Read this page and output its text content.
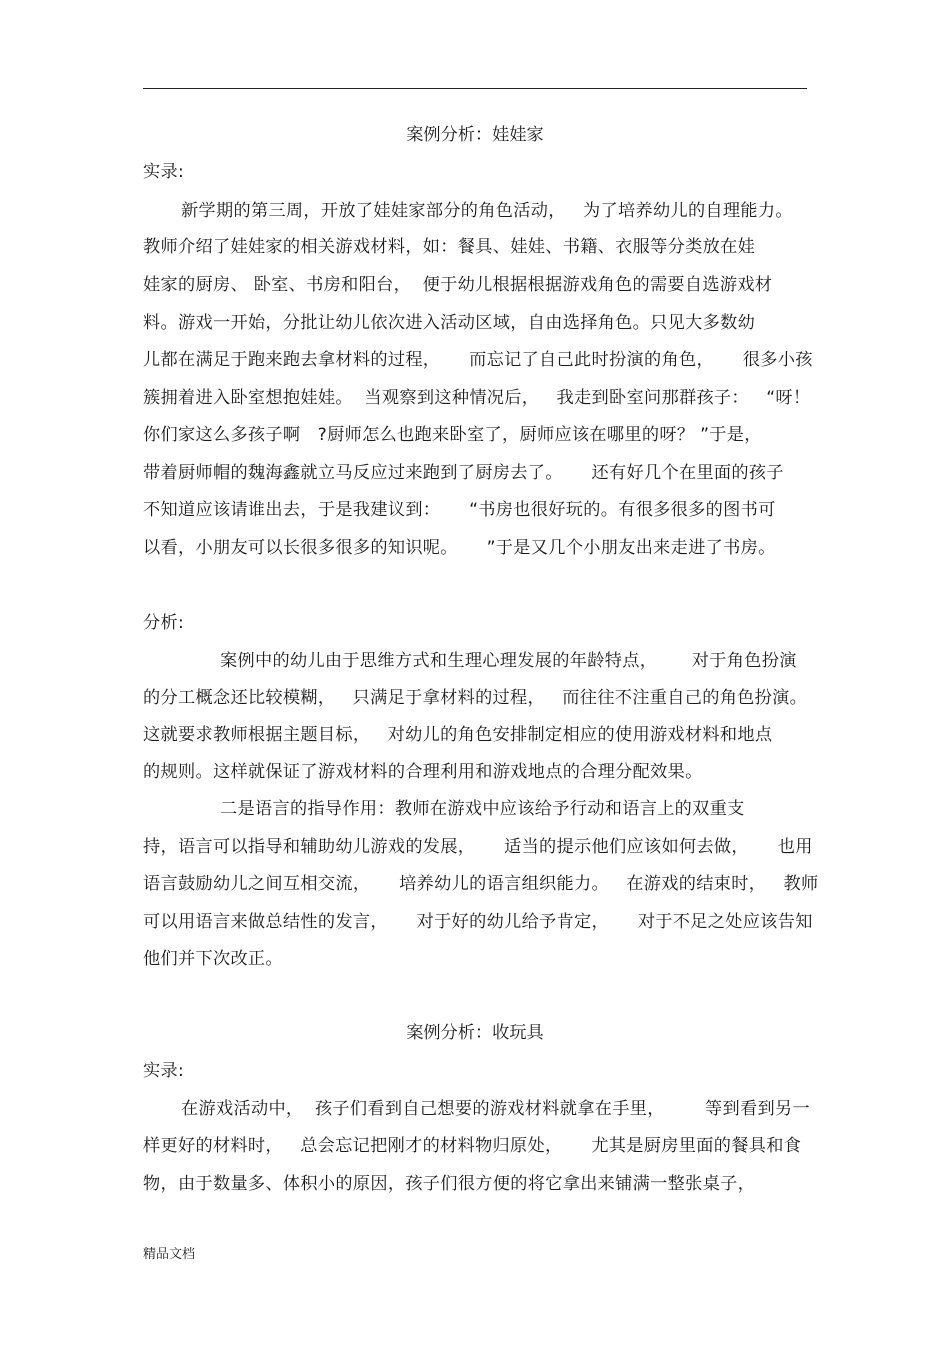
案例分析：娃娃家
实录:
新学期的第三周，开放了娃娃家部分的角色活动，   为了培养幼儿的自理能力。
教师介绍了娃娃家的相关游戏材料，如：餐具、娃娃、书籍、衣服等分类放在娃
娃家的厨房、 卧室、书房和阳台，  便于幼儿根据根据游戏角色的需要自选游戏材
料。游戏一开始，分批让幼儿依次进入活动区域，自由选择角色。只见大多数幼
儿都在满足于跑来跑去拿材料的过程，     而忘记了自己此时扮演的角色，     很多小孩
簇拥着进入卧室想抱娃娃。  当观察到这种情况后，   我走到卧室问那群孩子：   “呀！
你们家这么多孩子啊   ?厨师怎么也跑来卧室了，厨师应该在哪里的呀？ ”于是，
带着厨师帽的魏海鑫就立马反应过来跑到了厨房去了。     还有好几个在里面的孩子
不知道应该请谁出去，于是我建议到：     “书房也很好玩的。有很多很多的图书可
以看，小朋友可以长很多很多的知识呢。     ”于是又几个小朋友出来走进了书房。
分析:
案例中的幼儿由于思维方式和生理心理发展的年龄特点，      对于角色扮演
的分工概念还比较模糊，   只满足于拿材料的过程，   而往往不注重自己的角色扮演。
这就要求教师根据主题目标，   对幼儿的角色安排制定相应的使用游戏材料和地点
的规则。这样就保证了游戏材料的合理利用和游戏地点的合理分配效果。
二是语言的指导作用：教师在游戏中应该给予行动和语言上的双重支
持，语言可以指导和辅助幼儿游戏的发展，     适当的提示他们应该如何去做，     也用
语言鼓励幼儿之间互相交流，     培养幼儿的语言组织能力。   在游戏的结束时，   教师
可以用语言来做总结性的发言，     对于好的幼儿给予肯定，     对于不足之处应该告知
他们并下次改正。
案例分析：收玩具
实录:
在游戏活动中，  孩子们看到自己想要的游戏材料就拿在手里，       等到看到另一
样更好的材料时，   总会忘记把刚才的材料物归原处，     尤其是厨房里面的餐具和食
物，由于数量多、体积小的原因，孩子们很方便的将它拿出来铺满一整张桌子，
精品文档
